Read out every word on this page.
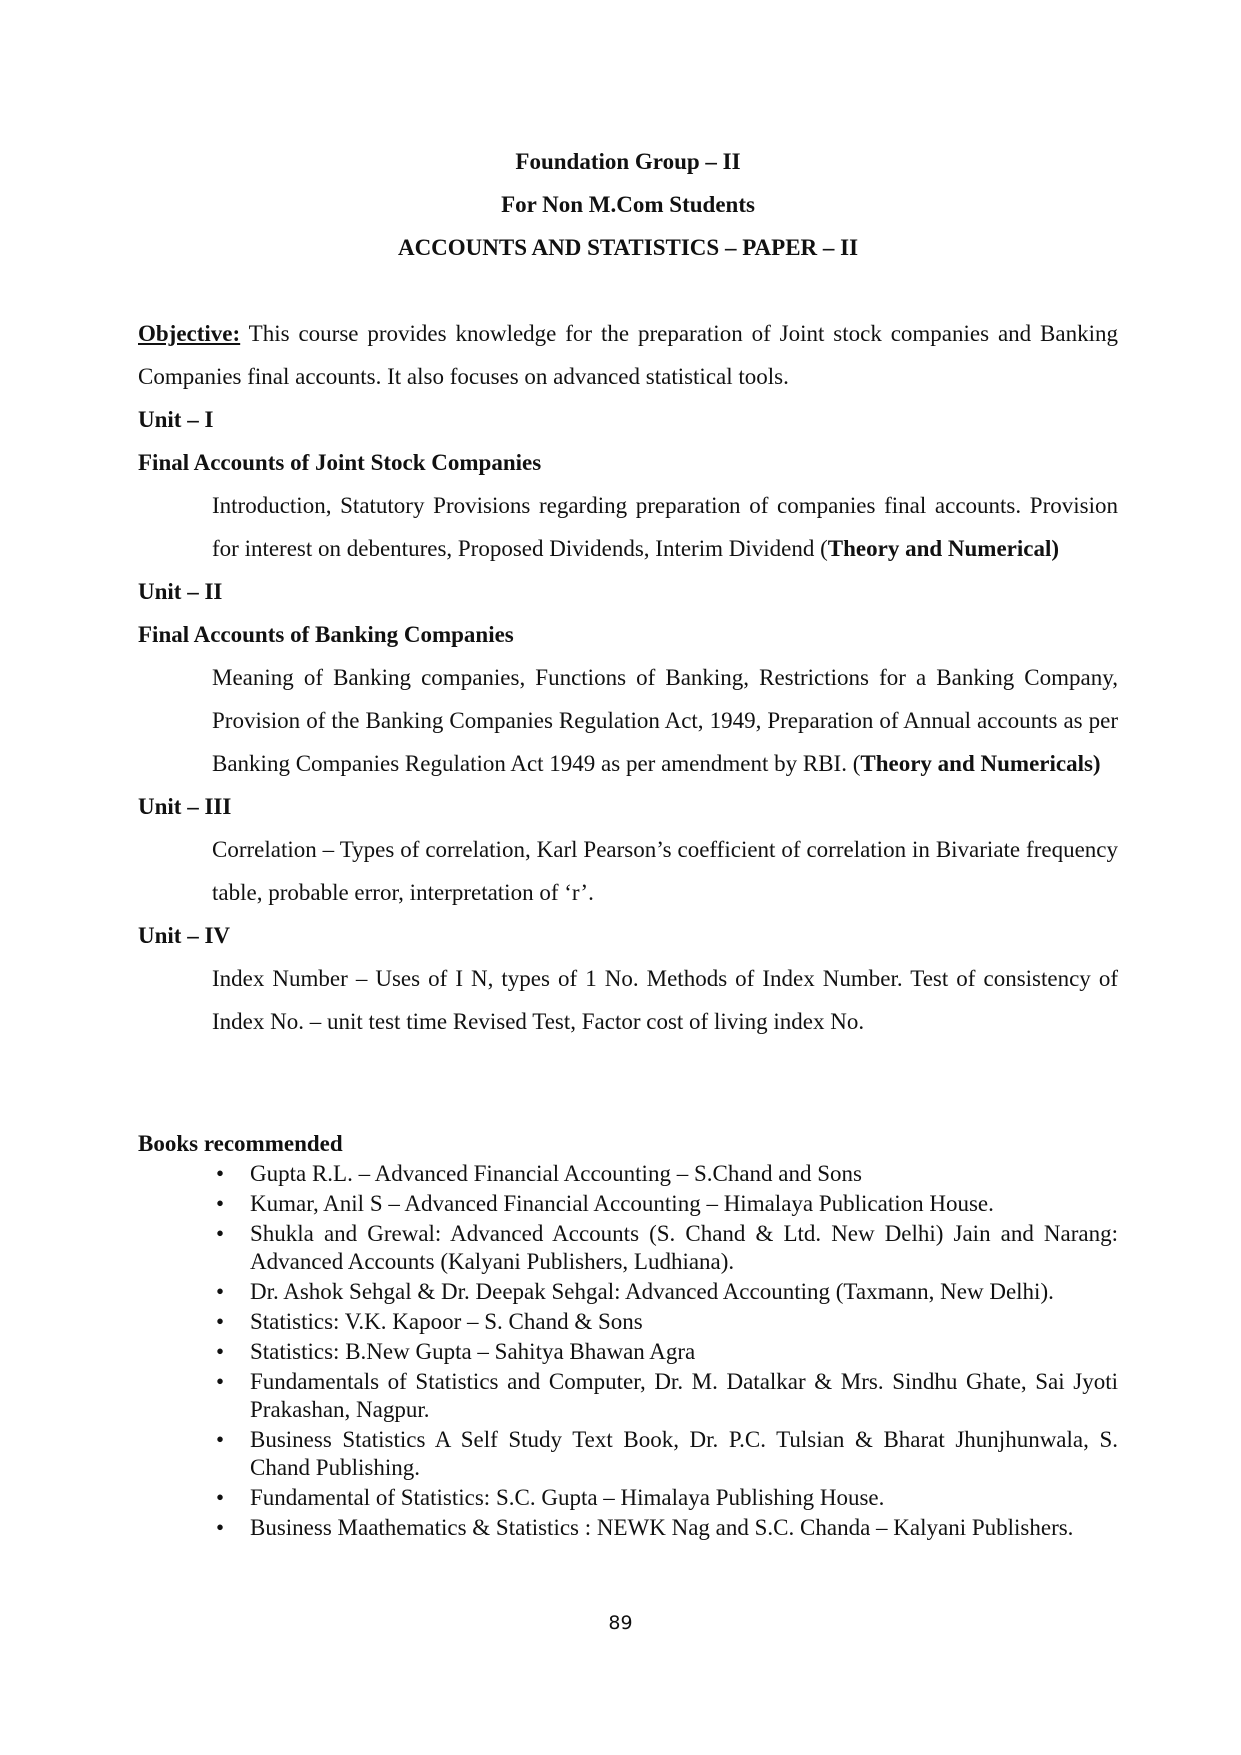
Foundation Group – II
For Non M.Com Students
ACCOUNTS AND STATISTICS – PAPER – II

Objective: This course provides knowledge for the preparation of Joint stock companies and Banking Companies final accounts. It also focuses on advanced statistical tools.

Unit – I

Final Accounts of Joint Stock Companies

Introduction, Statutory Provisions regarding preparation of companies final accounts. Provision for interest on debentures, Proposed Dividends, Interim Dividend (Theory and Numerical)

Unit – II

Final Accounts of Banking Companies

Meaning of Banking companies, Functions of Banking, Restrictions for a Banking Company, Provision of the Banking Companies Regulation Act, 1949, Preparation of Annual accounts as per Banking Companies Regulation Act 1949 as per amendment by RBI. (Theory and Numericals)

Unit – III

Correlation – Types of correlation, Karl Pearson’s coefficient of correlation in Bivariate frequency table, probable error, interpretation of ‘r’.

Unit – IV

Index Number – Uses of I N, types of 1 No. Methods of Index Number. Test of consistency of Index No. – unit test time Revised Test, Factor cost of living index No.

Books recommended

• Gupta R.L. – Advanced Financial Accounting – S.Chand and Sons
• Kumar, Anil S – Advanced Financial Accounting – Himalaya Publication House.
• Shukla and Grewal: Advanced Accounts (S. Chand & Ltd. New Delhi) Jain and Narang: Advanced Accounts (Kalyani Publishers, Ludhiana).
• Dr. Ashok Sehgal & Dr. Deepak Sehgal: Advanced Accounting (Taxmann, New Delhi).
• Statistics: V.K. Kapoor – S. Chand & Sons
• Statistics: B.New Gupta – Sahitya Bhawan Agra
• Fundamentals of Statistics and Computer, Dr. M. Datalkar & Mrs. Sindhu Ghate, Sai Jyoti Prakashan, Nagpur.
• Business Statistics A Self Study Text Book, Dr. P.C. Tulsian & Bharat Jhunjhunwala, S. Chand Publishing.
• Fundamental of Statistics: S.C. Gupta – Himalaya Publishing House.
• Business Maathematics & Statistics : NEWK Nag and S.C. Chanda – Kalyani Publishers.
89
